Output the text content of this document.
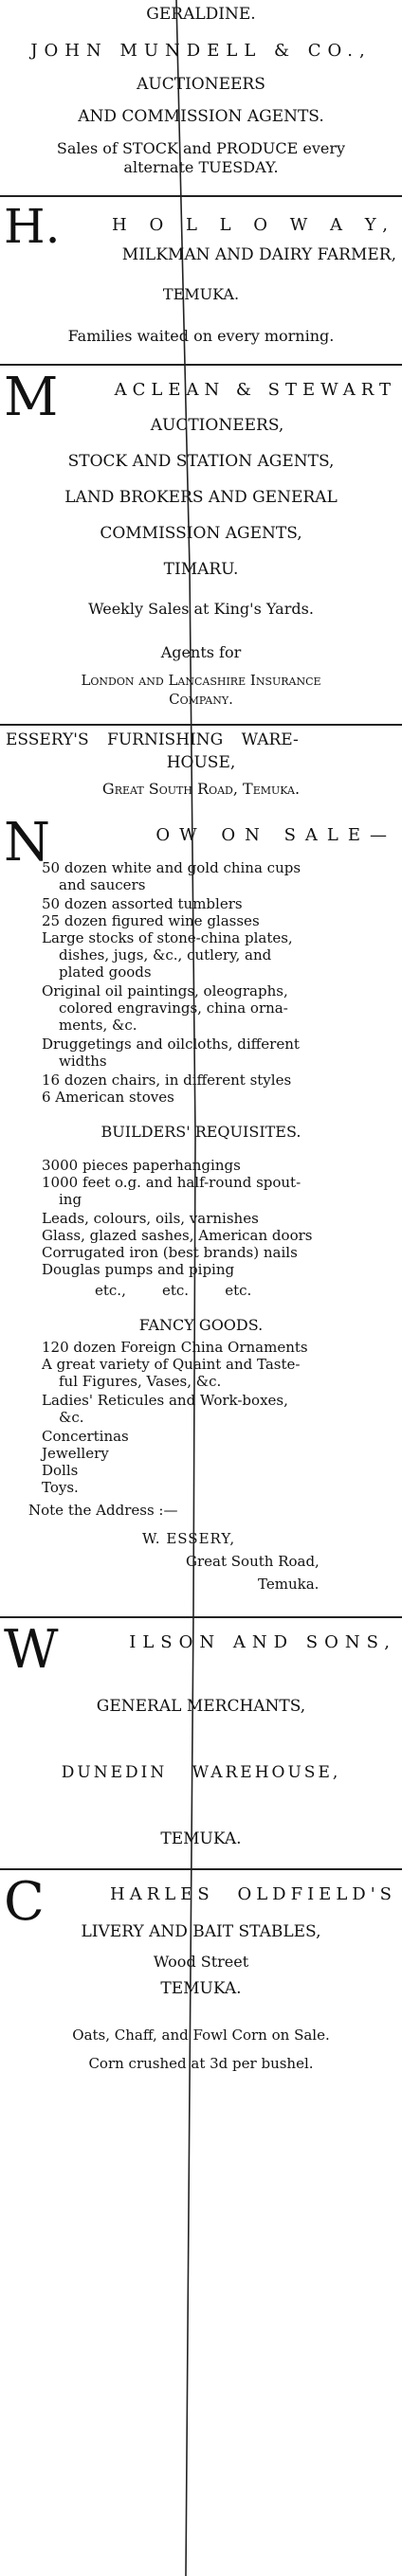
GERALDINE.
JOHN MUNDELL & CO.,
AUCTIONEERS
AND COMMISSION AGENTS.
Sales of STOCK and PRODUCE every
alternate TUESDAY.
H.	H O L L O W A Y,
MILKMAN AND DAIRY FARMER,
TEMUKA.
Families waited on every morning.
M	ACLEAN & STEWART
AUCTIONEERS,
STOCK AND STATION AGENTS,
LAND BROKERS AND GENERAL
COMMISSION AGENTS,
TIMARU.
Weekly Sales at King's Yards.
Agents for
London and Lancashire Insurance
Company.
ESSERY'S FURNISHING WARE-
HOUSE,
Great South Road, Temuka.
N	OW ON SALE—
50 dozen white and gold china cups
and saucers
50 dozen assorted tumblers
25 dozen figured wine glasses
Large stocks of stone-china plates,
dishes, jugs, &c., cutlery, and
plated goods
Original oil paintings, oleographs,
colored engravings, china orna-
ments, &c.
Druggetings and oilcloths, different
widths
16 dozen chairs, in different styles
6 American stoves
BUILDERS' REQUISITES.
3000 pieces paperhangings
1000 feet o.g. and half-round spout-
ing
Leads, colours, oils, varnishes
Glass, glazed sashes, American doors
Corrugated iron (best brands) nails
Douglas pumps and piping
etc.,        etc.        etc.
FANCY GOODS.
120 dozen Foreign China Ornaments
A great variety of Quaint and Taste-
ful Figures, Vases, &c.
Ladies' Reticules and Work-boxes,
&c.
Concertinas
Jewellery
Dolls
Toys.
Note the Address :—
W. ESSERY,
Great South Road,
Temuka.
W	ILSON AND SONS,
GENERAL MERCHANTS,
DUNEDIN WAREHOUSE,
TEMUKA.
C	HARLES OLDFIELD'S
LIVERY AND BAIT STABLES,
Wood Street
TEMUKA.
Oats, Chaff, and Fowl Corn on Sale.
Corn crushed at 3d per bushel.
